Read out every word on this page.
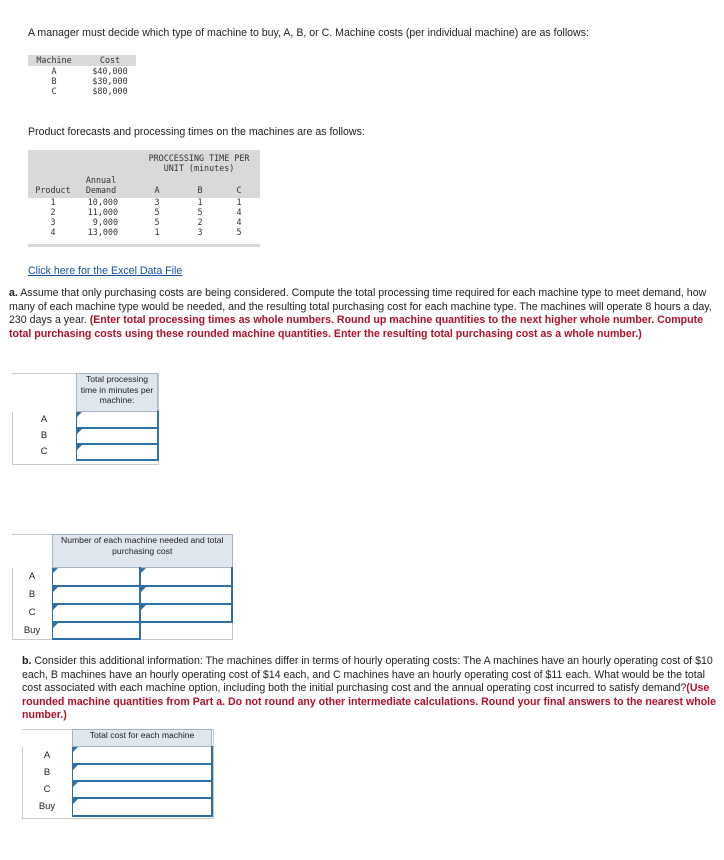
A manager must decide which type of machine to buy, A, B, or C. Machine costs (per individual machine) are as follows:
Machine	Cost
A	$40,000
B	$30,000
C	$80,000
Product forecasts and processing times on the machines are as follows:
PROCCESSING TIME PER
UNIT (minutes)
Annual
Product	Demand	A	B	C
1	10,000	3	1	1
2	11,000	5	5	4
3	9,000	5	2	4
4	13,000	1	3	5
Click here for the Excel Data File
a. Assume that only purchasing costs are being considered. Compute the total processing time required for each machine type to meet demand, how many of each machine type would be needed, and the resulting total purchasing cost for each machine type. The machines will operate 8 hours a day, 230 days a year. (Enter total processing times as whole numbers. Round up machine quantities to the next higher whole number. Compute total purchasing costs using these rounded machine quantities. Enter the resulting total purchasing cost as a whole number.)
	Total processing time in minutes per machine:
A	
B	
C	
	Number of each machine needed and total purchasing cost	
A		
B		
C		
Buy		
b. Consider this additional information: The machines differ in terms of hourly operating costs: The A machines have an hourly operating cost of $10 each, B machines have an hourly operating cost of $14 each, and C machines have an hourly operating cost of $11 each. What would be the total cost associated with each machine option, including both the initial purchasing cost and the annual operating cost incurred to satisfy demand?(Use rounded machine quantities from Part a. Do not round any other intermediate calculations. Round your final answers to the nearest whole number.)
	Total cost for each machine
A	
B	
C	
Buy	
